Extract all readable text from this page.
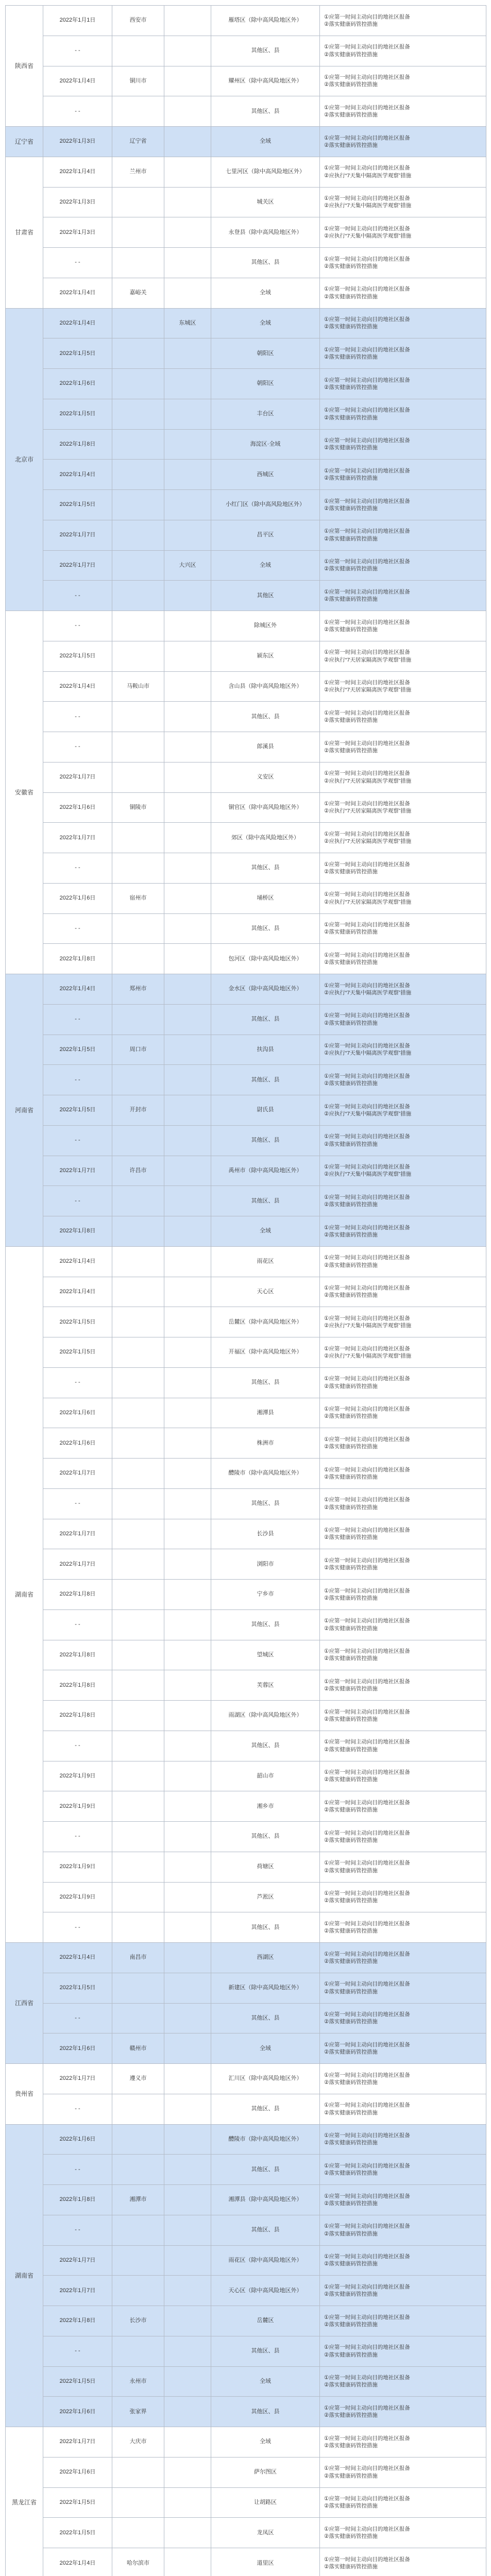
陕西省	2022年1月1日	西安市		雁塔区（除中高风险地区外）	①应第一时间主动向目的地社区报备
②落实健康码管控措施
	- -			其他区、县	①应第一时间主动向目的地社区报备
②落实健康码管控措施
	2022年1月4日	铜川市		耀州区（除中高风险地区外）	①应第一时间主动向目的地社区报备
②落实健康码管控措施
	- -			其他区、县	①应第一时间主动向目的地社区报备
②落实健康码管控措施
辽宁省	2022年1月3日	辽宁省		全域	①应第一时间主动向目的地社区报备
②落实健康码管控措施
甘肃省	2022年1月4日	兰州市		七里河区（除中高风险地区外）	①应第一时间主动向目的地社区报备
②应执行“7天集中隔离医学观察”措施
	2022年1月3日			城关区	①应第一时间主动向目的地社区报备
②应执行“7天集中隔离医学观察”措施
	2022年1月3日			永登县（除中高风险地区外）	①应第一时间主动向目的地社区报备
②应执行“7天集中隔离医学观察”措施
	- -			其他区、县	①应第一时间主动向目的地社区报备
②落实健康码管控措施
	2022年1月4日	嘉峪关		全域	①应第一时间主动向目的地社区报备
②落实健康码管控措施
北京市	2022年1月4日		东城区	全域	①应第一时间主动向目的地社区报备
②落实健康码管控措施
	2022年1月5日			朝阳区	①应第一时间主动向目的地社区报备
②落实健康码管控措施
	2022年1月6日			朝阳区	①应第一时间主动向目的地社区报备
②落实健康码管控措施
	2022年1月5日			丰台区	①应第一时间主动向目的地社区报备
②落实健康码管控措施
	2022年1月8日			海淀区·全域	①应第一时间主动向目的地社区报备
②落实健康码管控措施
	2022年1月4日			西城区	①应第一时间主动向目的地社区报备
②落实健康码管控措施
	2022年1月5日			小红门区（除中高风险地区外）	①应第一时间主动向目的地社区报备
②落实健康码管控措施
	2022年1月7日			昌平区	①应第一时间主动向目的地社区报备
②落实健康码管控措施
	2022年1月7日		大兴区	全域	①应第一时间主动向目的地社区报备
②落实健康码管控措施
	- -			其他区	①应第一时间主动向目的地社区报备
②落实健康码管控措施
安徽省	- -			除城区外	①应第一时间主动向目的地社区报备
②落实健康码管控措施
	2022年1月5日			颍东区	①应第一时间主动向目的地社区报备
②应执行“7天居家隔离医学观察”措施
	2022年1月4日	马鞍山市		含山县（除中高风险地区外）	①应第一时间主动向目的地社区报备
②应执行“7天居家隔离医学观察”措施
	- -			其他区、县	①应第一时间主动向目的地社区报备
②落实健康码管控措施
	- -			郎溪县	①应第一时间主动向目的地社区报备
②落实健康码管控措施
	2022年1月7日			义安区	①应第一时间主动向目的地社区报备
②应执行“7天居家隔离医学观察”措施
	2022年1月6日	铜陵市		铜官区（除中高风险地区外）	①应第一时间主动向目的地社区报备
②应执行“7天居家隔离医学观察”措施
	2022年1月7日			郊区（除中高风险地区外）	①应第一时间主动向目的地社区报备
②应执行“7天居家隔离医学观察”措施
	- -			其他区、县	①应第一时间主动向目的地社区报备
②落实健康码管控措施
	2022年1月6日	宿州市		埇桥区	①应第一时间主动向目的地社区报备
②应执行“7天居家隔离医学观察”措施
	- -			其他区、县	①应第一时间主动向目的地社区报备
②落实健康码管控措施
	2022年1月8日			包河区（除中高风险地区外）	①应第一时间主动向目的地社区报备
②落实健康码管控措施
河南省	2022年1月4日	郑州市		金水区（除中高风险地区外）	①应第一时间主动向目的地社区报备
②应执行“7天集中隔离医学观察”措施
	- -			其他区、县	①应第一时间主动向目的地社区报备
②落实健康码管控措施
	2022年1月5日	周口市		扶沟县	①应第一时间主动向目的地社区报备
②应执行“7天集中隔离医学观察”措施
	- -			其他区、县	①应第一时间主动向目的地社区报备
②落实健康码管控措施
	2022年1月5日	开封市		尉氏县	①应第一时间主动向目的地社区报备
②应执行“7天集中隔离医学观察”措施
	- -			其他区、县	①应第一时间主动向目的地社区报备
②落实健康码管控措施
	2022年1月7日	许昌市		禹州市（除中高风险地区外）	①应第一时间主动向目的地社区报备
②应执行“7天集中隔离医学观察”措施
	- -			其他区、县	①应第一时间主动向目的地社区报备
②落实健康码管控措施
	2022年1月8日			全域	①应第一时间主动向目的地社区报备
②落实健康码管控措施
湖南省	2022年1月4日			雨花区	①应第一时间主动向目的地社区报备
②落实健康码管控措施
	2022年1月4日			天心区	①应第一时间主动向目的地社区报备
②落实健康码管控措施
	2022年1月5日			岳麓区（除中高风险地区外）	①应第一时间主动向目的地社区报备
②应执行“7天集中隔离医学观察”措施
	2022年1月5日			开福区（除中高风险地区外）	①应第一时间主动向目的地社区报备
②应执行“7天集中隔离医学观察”措施
	- -			其他区、县	①应第一时间主动向目的地社区报备
②落实健康码管控措施
	2022年1月6日			湘潭县	①应第一时间主动向目的地社区报备
②落实健康码管控措施
	2022年1月6日			株洲市	①应第一时间主动向目的地社区报备
②落实健康码管控措施
	2022年1月7日			醴陵市（除中高风险地区外）	①应第一时间主动向目的地社区报备
②落实健康码管控措施
	- -			其他区、县	①应第一时间主动向目的地社区报备
②落实健康码管控措施
	2022年1月7日			长沙县	①应第一时间主动向目的地社区报备
②落实健康码管控措施
	2022年1月7日			浏阳市	①应第一时间主动向目的地社区报备
②落实健康码管控措施
	2022年1月8日			宁乡市	①应第一时间主动向目的地社区报备
②落实健康码管控措施
	- -			其他区、县	①应第一时间主动向目的地社区报备
②落实健康码管控措施
	2022年1月8日			望城区	①应第一时间主动向目的地社区报备
②落实健康码管控措施
	2022年1月8日			芙蓉区	①应第一时间主动向目的地社区报备
②落实健康码管控措施
	2022年1月8日			雨湖区（除中高风险地区外）	①应第一时间主动向目的地社区报备
②落实健康码管控措施
	- -			其他区、县	①应第一时间主动向目的地社区报备
②落实健康码管控措施
	2022年1月9日			韶山市	①应第一时间主动向目的地社区报备
②落实健康码管控措施
	2022年1月9日			湘乡市	①应第一时间主动向目的地社区报备
②落实健康码管控措施
	- -			其他区、县	①应第一时间主动向目的地社区报备
②落实健康码管控措施
	2022年1月9日			荷塘区	①应第一时间主动向目的地社区报备
②落实健康码管控措施
	2022年1月9日			芦淞区	①应第一时间主动向目的地社区报备
②落实健康码管控措施
	- -			其他区、县	①应第一时间主动向目的地社区报备
②落实健康码管控措施
江西省	2022年1月4日	南昌市		西湖区	①应第一时间主动向目的地社区报备
②落实健康码管控措施
	2022年1月5日			新建区（除中高风险地区外）	①应第一时间主动向目的地社区报备
②落实健康码管控措施
	- -			其他区、县	①应第一时间主动向目的地社区报备
②落实健康码管控措施
	2022年1月6日	赣州市		全域	①应第一时间主动向目的地社区报备
②落实健康码管控措施
贵州省	2022年1月7日	遵义市		汇川区（除中高风险地区外）	①应第一时间主动向目的地社区报备
②落实健康码管控措施
	- -			其他区、县	①应第一时间主动向目的地社区报备
②落实健康码管控措施
湖南省	2022年1月6日			醴陵市（除中高风险地区外）	①应第一时间主动向目的地社区报备
②落实健康码管控措施
	- -			其他区、县	①应第一时间主动向目的地社区报备
②落实健康码管控措施
	2022年1月8日	湘潭市		湘潭县（除中高风险地区外）	①应第一时间主动向目的地社区报备
②落实健康码管控措施
	- -			其他区、县	①应第一时间主动向目的地社区报备
②落实健康码管控措施
	2022年1月7日			雨花区（除中高风险地区外）	①应第一时间主动向目的地社区报备
②落实健康码管控措施
	2022年1月7日			天心区（除中高风险地区外）	①应第一时间主动向目的地社区报备
②落实健康码管控措施
	2022年1月8日	长沙市		岳麓区	①应第一时间主动向目的地社区报备
②落实健康码管控措施
	- -			其他区、县	①应第一时间主动向目的地社区报备
②落实健康码管控措施
	2022年1月5日	永州市		全域	①应第一时间主动向目的地社区报备
②落实健康码管控措施
	2022年1月6日	张家界		其他区、县	①应第一时间主动向目的地社区报备
②落实健康码管控措施
黑龙江省	2022年1月7日	大庆市		全域	①应第一时间主动向目的地社区报备
②落实健康码管控措施
	2022年1月6日			萨尔图区	①应第一时间主动向目的地社区报备
②落实健康码管控措施
	2022年1月5日			让胡路区	①应第一时间主动向目的地社区报备
②落实健康码管控措施
	2022年1月5日			龙凤区	①应第一时间主动向目的地社区报备
②落实健康码管控措施
	2022年1月4日	哈尔滨市		道里区	①应第一时间主动向目的地社区报备
②落实健康码管控措施
